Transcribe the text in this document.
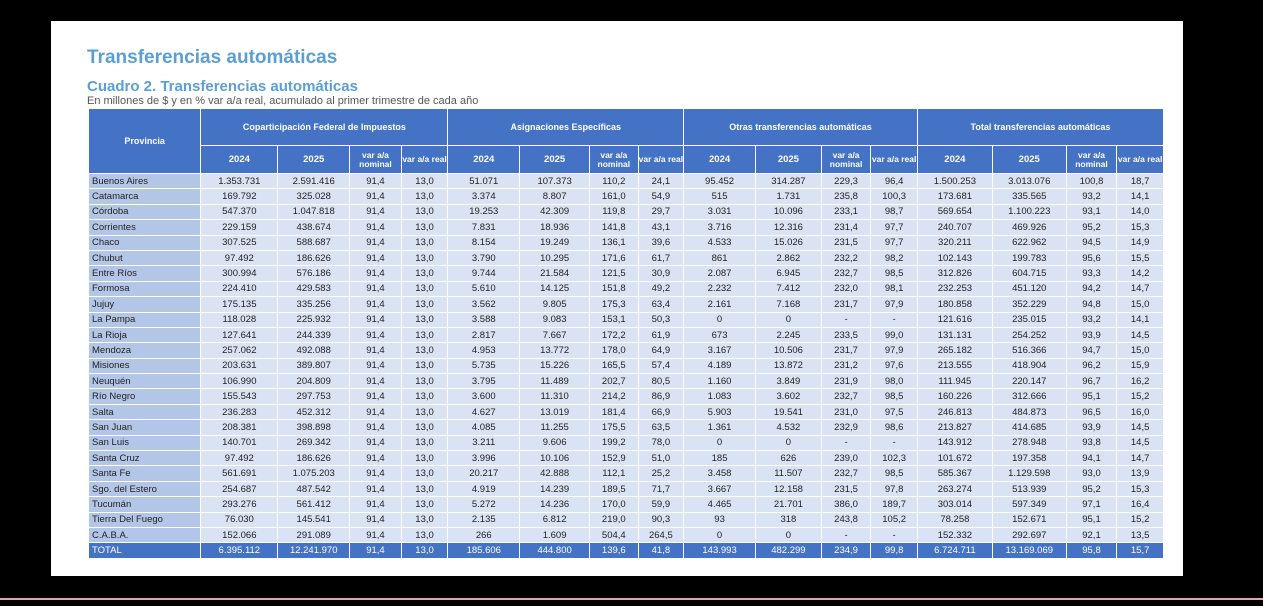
Transferencias automáticas
Cuadro 2. Transferencias automáticas

En millones de $ y en % var a/a real, acumulado al primer trimestre de cada año

Provincia	Coparticipación Federal de Impuestos				Asignaciones Específicas				Otras transferencias automáticas				Total transferencias automáticas			
	2024	2025	var a/a nominal	var a/a real	2024	2025	var a/a nominal	var a/a real	2024	2025	var a/a nominal	var a/a real	2024	2025	var a/a nominal	var a/a real
Buenos Aires	1.353.731	2.591.416	91,4	13,0	51.071	107.373	110,2	24,1	95.452	314.287	229,3	96,4	1.500.253	3.013.076	100,8	18,7
Catamarca	169.792	325.028	91,4	13,0	3.374	8.807	161,0	54,9	515	1.731	235,8	100,3	173.681	335.565	93,2	14,1
Córdoba	547.370	1.047.818	91,4	13,0	19.253	42.309	119,8	29,7	3.031	10.096	233,1	98,7	569.654	1.100.223	93,1	14,0
Corrientes	229.159	438.674	91,4	13,0	7.831	18.936	141,8	43,1	3.716	12.316	231,4	97,7	240.707	469.926	95,2	15,3
Chaco	307.525	588.687	91,4	13,0	8.154	19.249	136,1	39,6	4.533	15.026	231,5	97,7	320.211	622.962	94,5	14,9
Chubut	97.492	186.626	91,4	13,0	3.790	10.295	171,6	61,7	861	2.862	232,2	98,2	102.143	199.783	95,6	15,5
Entre Ríos	300.994	576.186	91,4	13,0	9.744	21.584	121,5	30,9	2.087	6.945	232,7	98,5	312.826	604.715	93,3	14,2
Formosa	224.410	429.583	91,4	13,0	5.610	14.125	151,8	49,2	2.232	7.412	232,0	98,1	232.253	451.120	94,2	14,7
Jujuy	175.135	335.256	91,4	13,0	3.562	9.805	175,3	63,4	2.161	7.168	231,7	97,9	180.858	352.229	94,8	15,0
La Pampa	118.028	225.932	91,4	13,0	3.588	9.083	153,1	50,3	0	0	-	-	121.616	235.015	93,2	14,1
La Rioja	127.641	244.339	91,4	13,0	2.817	7.667	172,2	61,9	673	2.245	233,5	99,0	131.131	254.252	93,9	14,5
Mendoza	257.062	492.088	91,4	13,0	4.953	13.772	178,0	64,9	3.167	10.506	231,7	97,9	265.182	516.366	94,7	15,0
Misiones	203.631	389.807	91,4	13,0	5.735	15.226	165,5	57,4	4.189	13.872	231,2	97,6	213.555	418.904	96,2	15,9
Neuquén	106.990	204.809	91,4	13,0	3.795	11.489	202,7	80,5	1.160	3.849	231,9	98,0	111.945	220.147	96,7	16,2
Río Negro	155.543	297.753	91,4	13,0	3.600	11.310	214,2	86,9	1.083	3.602	232,7	98,5	160.226	312.666	95,1	15,2
Salta	236.283	452.312	91,4	13,0	4.627	13.019	181,4	66,9	5.903	19.541	231,0	97,5	246.813	484.873	96,5	16,0
San Juan	208.381	398.898	91,4	13,0	4.085	11.255	175,5	63,5	1.361	4.532	232,9	98,6	213.827	414.685	93,9	14,5
San Luis	140.701	269.342	91,4	13,0	3.211	9.606	199,2	78,0	0	0	-	-	143.912	278.948	93,8	14,5
Santa Cruz	97.492	186.626	91,4	13,0	3.996	10.106	152,9	51,0	185	626	239,0	102,3	101.672	197.358	94,1	14,7
Santa Fe	561.691	1.075.203	91,4	13,0	20.217	42.888	112,1	25,2	3.458	11.507	232,7	98,5	585.367	1.129.598	93,0	13,9
Sgo. del Estero	254.687	487.542	91,4	13,0	4.919	14.239	189,5	71,7	3.667	12.158	231,5	97,8	263.274	513.939	95,2	15,3
Tucumán	293.276	561.412	91,4	13,0	5.272	14.236	170,0	59,9	4.465	21.701	386,0	189,7	303.014	597.349	97,1	16,4
Tierra Del Fuego	76.030	145.541	91,4	13,0	2.135	6.812	219,0	90,3	93	318	243,8	105,2	78.258	152.671	95,1	15,2
C.A.B.A.	152.066	291.089	91,4	13,0	266	1.609	504,4	264,5	0	0	-	-	152.332	292.697	92,1	13,5
TOTAL	6.395.112	12.241.970	91,4	13,0	185.606	444.800	139,6	41,8	143.993	482.299	234,9	99,8	6.724.711	13.169.069	95,8	15,7
